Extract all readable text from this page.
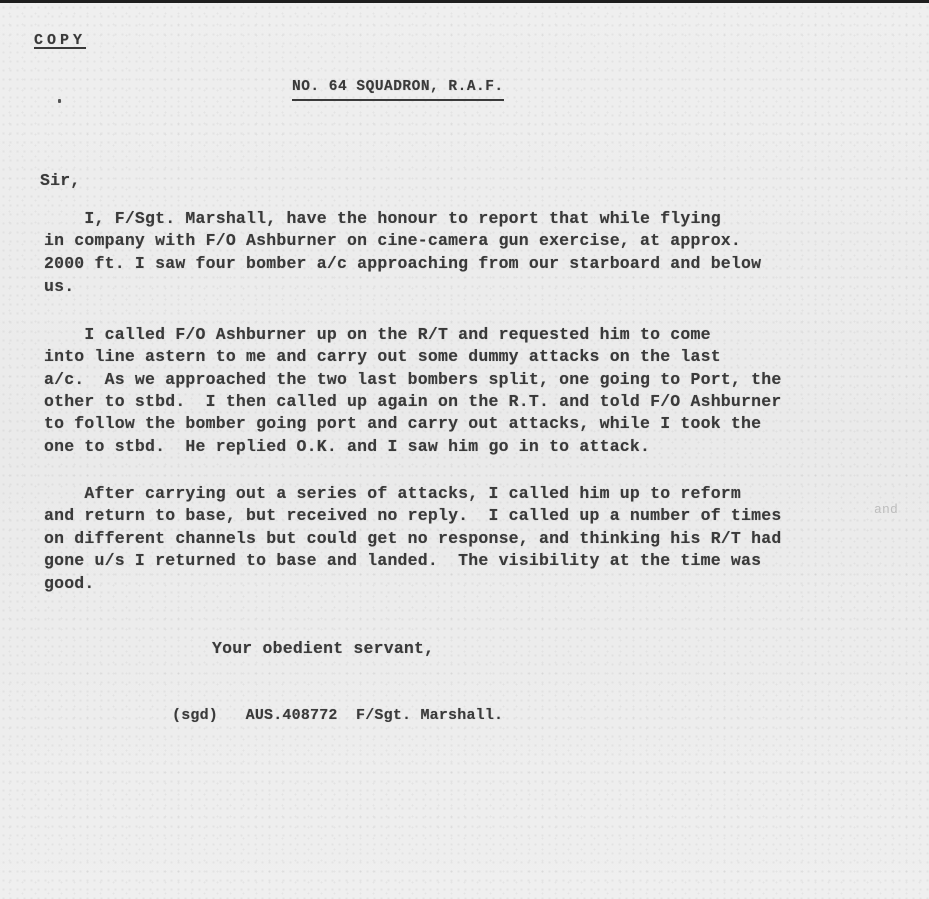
COPY
NO. 64 SQUADRON, R.A.F.
Sir,
I, F/Sgt. Marshall, have the honour to report that while flying
in company with F/O Ashburner on cine-camera gun exercise, at approx.
2000 ft. I saw four bomber a/c approaching from our starboard and below
us.
I called F/O Ashburner up on the R/T and requested him to come
into line astern to me and carry out some dummy attacks on the last
a/c.  As we approached the two last bombers split, one going to Port, the
other to stbd.  I then called up again on the R.T. and told F/O Ashburner
to follow the bomber going port and carry out attacks, while I took the
one to stbd.  He replied O.K. and I saw him go in to attack.
After carrying out a series of attacks, I called him up to reform
and return to base, but received no reply.  I called up a number of times
on different channels but could get no response, and thinking his R/T had
gone u/s I returned to base and landed.  The visibility at the time was
good.
and
Your obedient servant,
(sgd)   AUS.408772  F/Sgt. Marshall.
